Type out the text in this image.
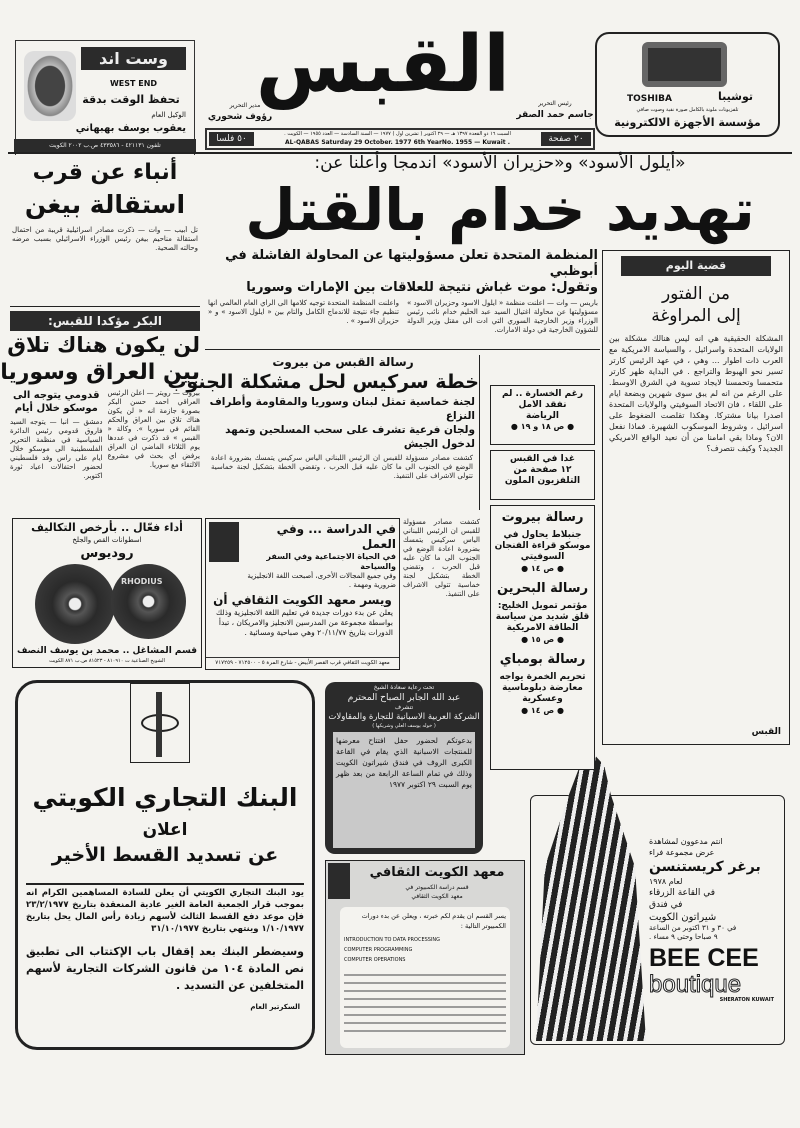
وست اند
WEST END
تحفظ الوقت بدقة
الوكيل العام
يعقوب يوسف بهبهاني
تلفون ٤٢١١٣١ - ٤٣٣٥٨٦ ص.ب ٢٠٠٢ الكويت
القبس	رئيس التحرير
جاسم حمد الصقر
مدير التحرير
رؤوف شحوري
٢٠ صفحة
٥٠ فلسا	السبت ١٦ ذو القعدة ١٣٩٧ هـ — ٢٩ اكتوبر ( تشرين اول ) ١٩٧٧ — السنة السادسة — العدد ١٩٥٥ — الكويت .
AL-QABAS Saturday 29 October. 1977 6th YearNo. 1955 — Kuwait .
TOSHIBA	توشيبا
تلفزيونات ملونة بالكامل صورة نقية وصوت صافي
مؤسسة الأجهزة الالكترونية
«أيلول الأسود» و«حزيران الأسود» اندمجا وأعلنا عن:
تهديد خدام بالقتل
المنظمة المتحدة تعلن مسؤوليتها عن المحاولة الفاشلة في أبوظبي
وتقول: موت غباش نتيجة للعلاقات بين الإمارات وسوريا
باريس — وات — اعلنت منظمة « ايلول الاسود وحزيران الاسود » مسؤوليتها عن محاولة اغتيال السيد عبد الحليم خدام نائب رئيس الوزراء وزير الخارجية السوري التي ادت الى مقتل وزير الدولة للشؤون الخارجية في دولة الامارات.
واعلنت المنظمة المتحدة توجيه كلامها الى الراي العام العالمي انها تنظيم جاء نتيجة للاندماج الكامل والتام بين « ايلول الاسود » و « حزيران الاسود » .
أنباء عن قرب
استقالة بيغن
تل أبيب — وات — ذكرت مصادر اسرائيلية قريبة من احتمال استقالة مناحيم بيغن رئيس الوزراء الاسرائيلي بسبب مرضه وحالته الصحية.
البكر مؤكدا للقبس:
لن يكون هناك تلاق
بين العراق وسوريا
بيروت — رويتر — اعلن الرئيس العراقي احمد حسن البكر بصورة جازمة انه « لن يكون هناك تلاق بين العراق والحكم القائم في سوريا ». وكالة « القبس » قد ذكرت في عددها يوم الثلاثاء الماضي ان العراق يرفض اي بحث في مشروع الالتقاء مع سوريا.
قدومي يتوجه الى موسكو خلال أيام
دمشق — انبا — يتوجه السيد فاروق قدومي رئيس الدائرة السياسية في منظمة التحرير الفلسطينية الى موسكو خلال ايام على راس وفد فلسطيني لحضور احتفالات اعياد ثورة اكتوبر.
رسالة القبس من بيروت
خطة سركيس لحل مشكلة الجنوب
لجنة خماسية تمثل لبنان وسوريا والمقاومة وأطراف النزاع
ولجان فرعية تشرف على سحب المسلحين وتمهد لدخول الجيش
كشفت مصادر مسؤولة للقبس ان الرئيس اللبناني الياس سركيس يتمسك بضرورة اعادة الوضع في الجنوب الى ما كان عليه قبل الحرب ، وتقضي الخطة بتشكيل لجنة خماسية تتولى الاشراف على التنفيذ.
رغم الخسارة .. لم نفقد الامل
الرياضة
● ص ١٨ و ١٩ ●
غدا في القبس
١٢ صفحة من التلفزيون الملون
رسالة بيروت
جنبلاط يحاول في موسكو قراءة الفنجان السوفيتي
● ص ١٤ ●
رسالة البحرين
مؤتمر تمويل الخليج: قلق شديد من سياسة الطاقة الامريكية
● ص ١٥ ●
رسالة بومباي
تحريم الخمرة يواجه معارضة دبلوماسية وعسكرية
● ص ١٤ ●
قضية اليوم
من الفتور
إلى المراوغة
المشكلة الحقيقية هي انه ليس هنالك مشكلة بين الولايات المتحدة واسرائيل ، والسياسة الامريكية مع العرب ذات اطوار ... وهي ، في عهد الرئيس كارتر تسير نحو الهبوط والتراجع . في البداية ظهر كارتر متحمسا وتحمسنا لايجاد تسوية في الشرق الاوسط. على الرغم من انه لم يبق سوى شهرين وبضعة ايام على اللقاء ، فان الاتحاد السوفيتي والولايات المتحدة اصدرا بيانا مشتركا. وهكذا تقلصت الضغوط على اسرائيل ، وشروط الموسكوب الشهيرة. فماذا نفعل الان؟ وماذا بقي امامنا من أن نعيد الواقع الامريكي الجديد؟ وكيف نتصرف؟
القبس
أداء فعّال .. بأرخص التكاليف
اسطوانات القص والجلخ
روديوس
RHODIUS
قسم المشاغل .. محمد بن يوسف النصف
الشويخ الصناعية ت ٨١٠٩١٠ - ٨١٥٢٣ ص.ب ٨٧١ الكويت
في الدراسة ... وفي العمل
في الحياة الاجتماعية وفي السفر والسياحة
وفي جميع المجالات الأخرى، أصبحت اللغة الانجليزية ضرورية ومهمة .
ويسر معهد الكويت الثقافي أن
يعلن عن بدء دورات جديدة في تعليم اللغة الانجليزية وذلك بواسطة مجموعة من المدرسين الانجليز والامريكان ، تبدأ الدورات بتاريخ ٢٠/١١/٧٧ وهي صباحية ومسائية .
معهد الكويت الثقافي قرب القصر الأبيض - شارع المرة ٥ - ٧١٢٥٠٠ - ٧١٧٢٥٩
كشفت مصادر مسؤولة للقبس ان الرئيس اللبناني الياس سركيس يتمسك بضرورة اعادة الوضع في الجنوب الى ما كان عليه قبل الحرب ، وتقضي الخطة بتشكيل لجنة خماسية تتولى الاشراف على التنفيذ.
البنك التجاري الكويتي
اعلان
عن تسديد القسط الأخير
يود البنك التجاري الكويتي أن يعلن للسادة المساهمين الكرام انه بموجب قرار الجمعية العامة الغير عادية المنعقدة بتاريخ ٢٣/٢/١٩٧٧ فإن موعد دفع القسط الثالث لأسهم زيادة رأس المال يحل بتاريخ ١/١٠/١٩٧٧ وينتهي بتاريخ ٣١/١٠/١٩٧٧
وسيضطر البنك بعد إقفال باب الإكتتاب الى تطبيق نص المادة ١٠٤ من قانون الشركات التجارية لأسهم المتخلفين عن التسديد .
السكرتير العام
تحت رعاية سعادة الشيخ
عبد الله الجابر الصباح المحترم
تتشرف
الشركة العربية الاسبانية للتجارة والمقاولات
( خوله يوسف العلي وشريكها )
بدعوتكم لحضور حفل افتتاح معرضها للمنتجات الاسبانية الذي يقام في القاعة الكبرى الروف في فندق شيراتون الكويت وذلك في تمام الساعة الرابعة من بعد ظهر يوم السبت ٢٩ اكتوبر ١٩٧٧
معهد الكويت الثقافي
قسم دراسة الكمبيوتر في
معهد الكويت الثقافي
يسر القسم ان يقدم لكم خبرته ، ويعلن عن بدء دورات الكمبيوتر التالية :
INTRODUCTION TO DATA PROCESSING
COMPUTER PROGRAMMING
COMPUTER OPERATIONS
انتم مدعوون لمشاهدة
عرض مجموعة فراء
برغر كريستنسن
لعام ١٩٧٨
في القاعة الزرقاء
في فندق
شيراتون الكويت
في ٣٠ و ٣١ اكتوبر من الساعة
٩ صباحا وحتى ٩ مساء .
BEE CEE
boutique
SHERATON KUWAIT
